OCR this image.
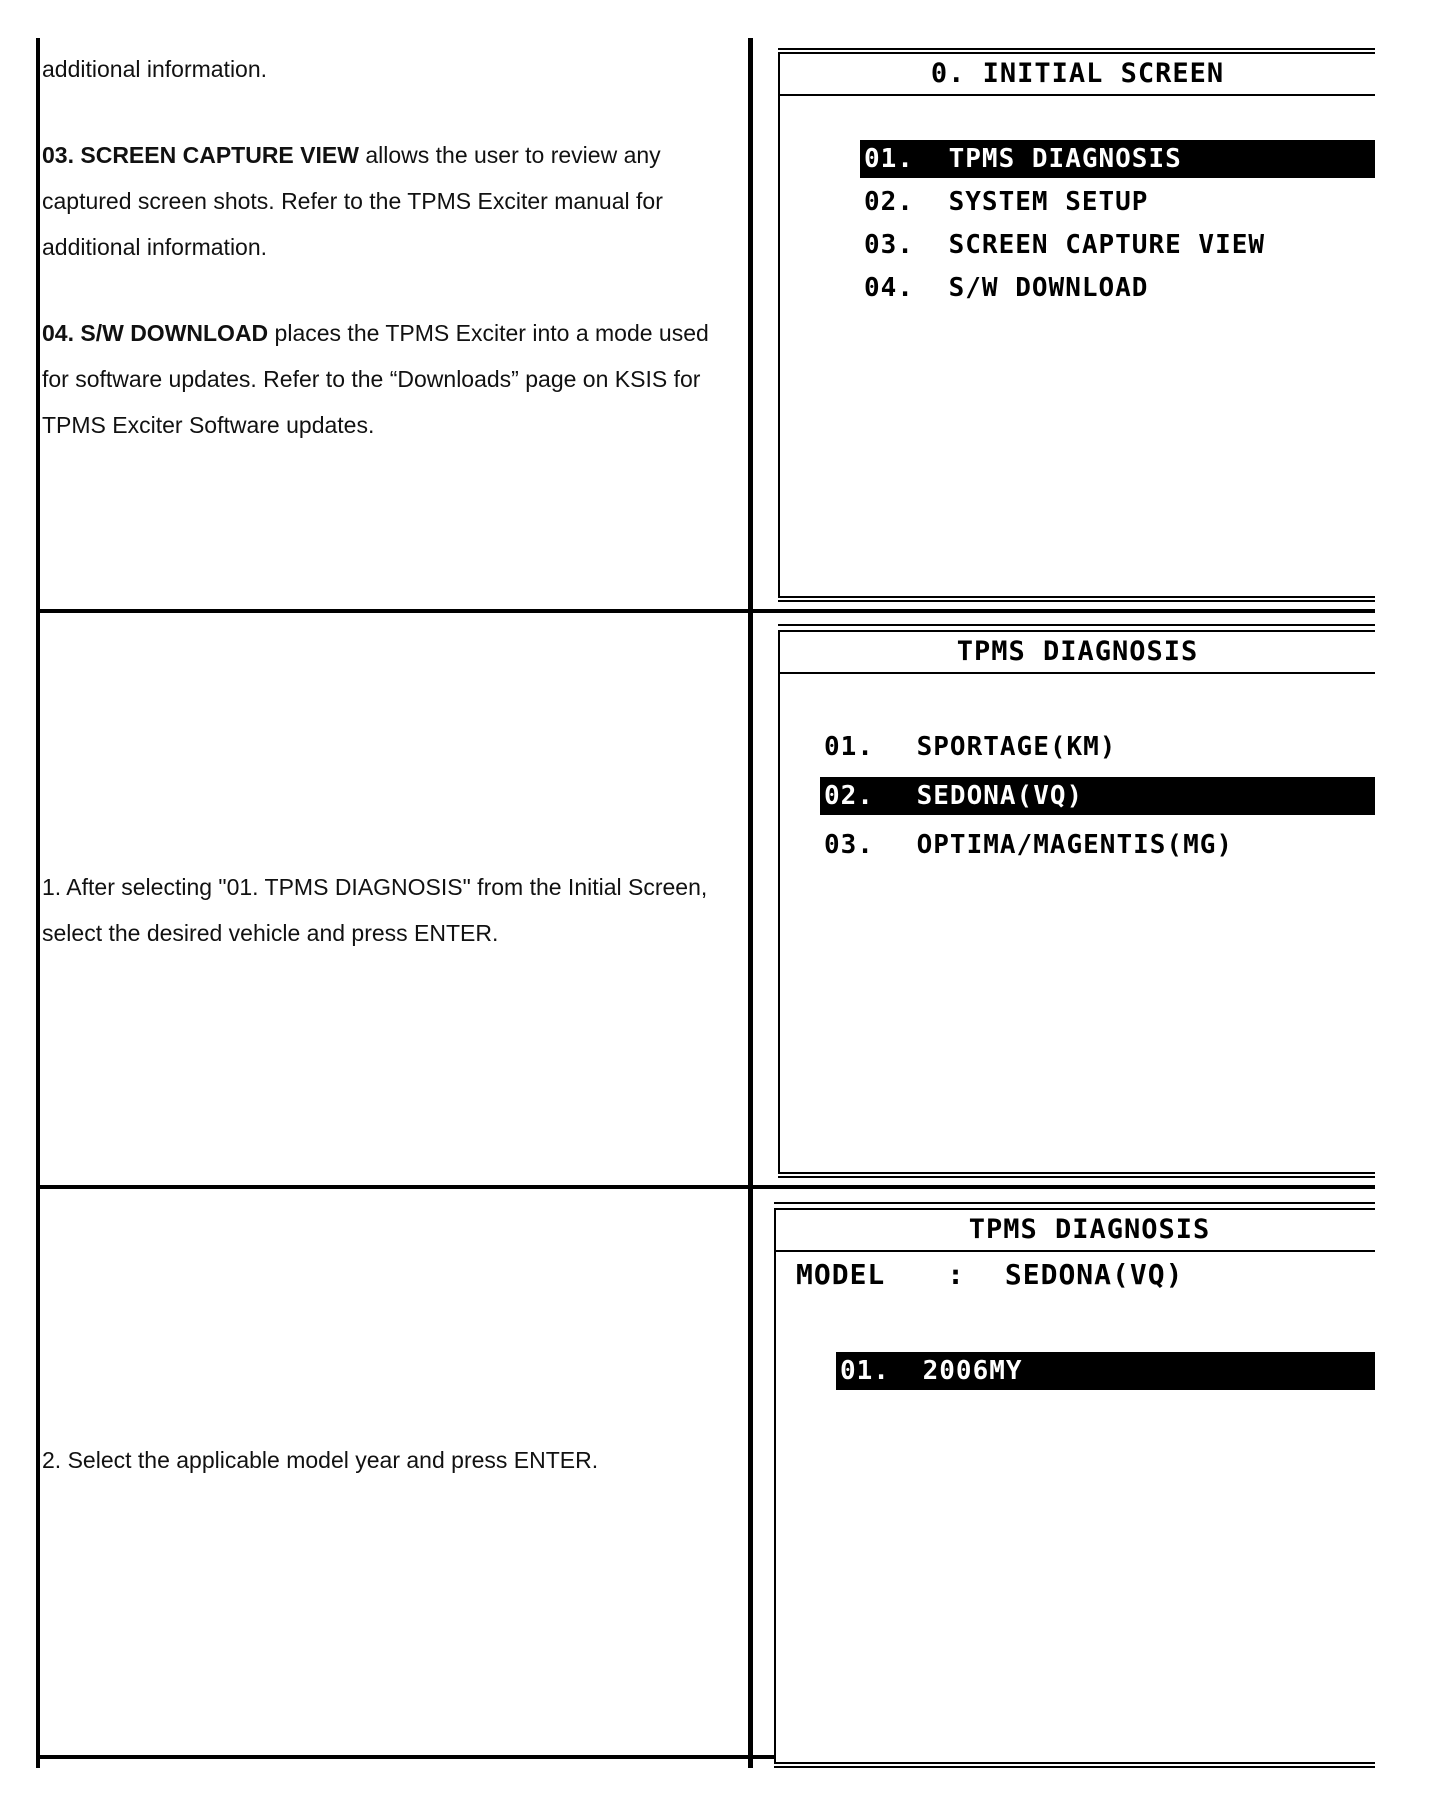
additional information.

03. SCREEN CAPTURE VIEW allows the user to review any captured screen shots. Refer to the TPMS Exciter manual for additional information.

04. S/W DOWNLOAD places the TPMS Exciter into a mode used for software updates. Refer to the “Downloads” page on KSIS for TPMS Exciter Software updates.

0. INITIAL SCREEN
01. TPMS DIAGNOSIS
02. SYSTEM SETUP
03. SCREEN CAPTURE VIEW
04. S/W DOWNLOAD
1. After selecting "01. TPMS DIAGNOSIS" from the Initial Screen, select the desired vehicle and press ENTER.
TPMS DIAGNOSIS
01. SPORTAGE(KM)
02. SEDONA(VQ)
03. OPTIMA/MAGENTIS(MG)
2. Select the applicable model year and press ENTER.
TPMS DIAGNOSIS
MODEL : SEDONA(VQ)
01. 2006MY
